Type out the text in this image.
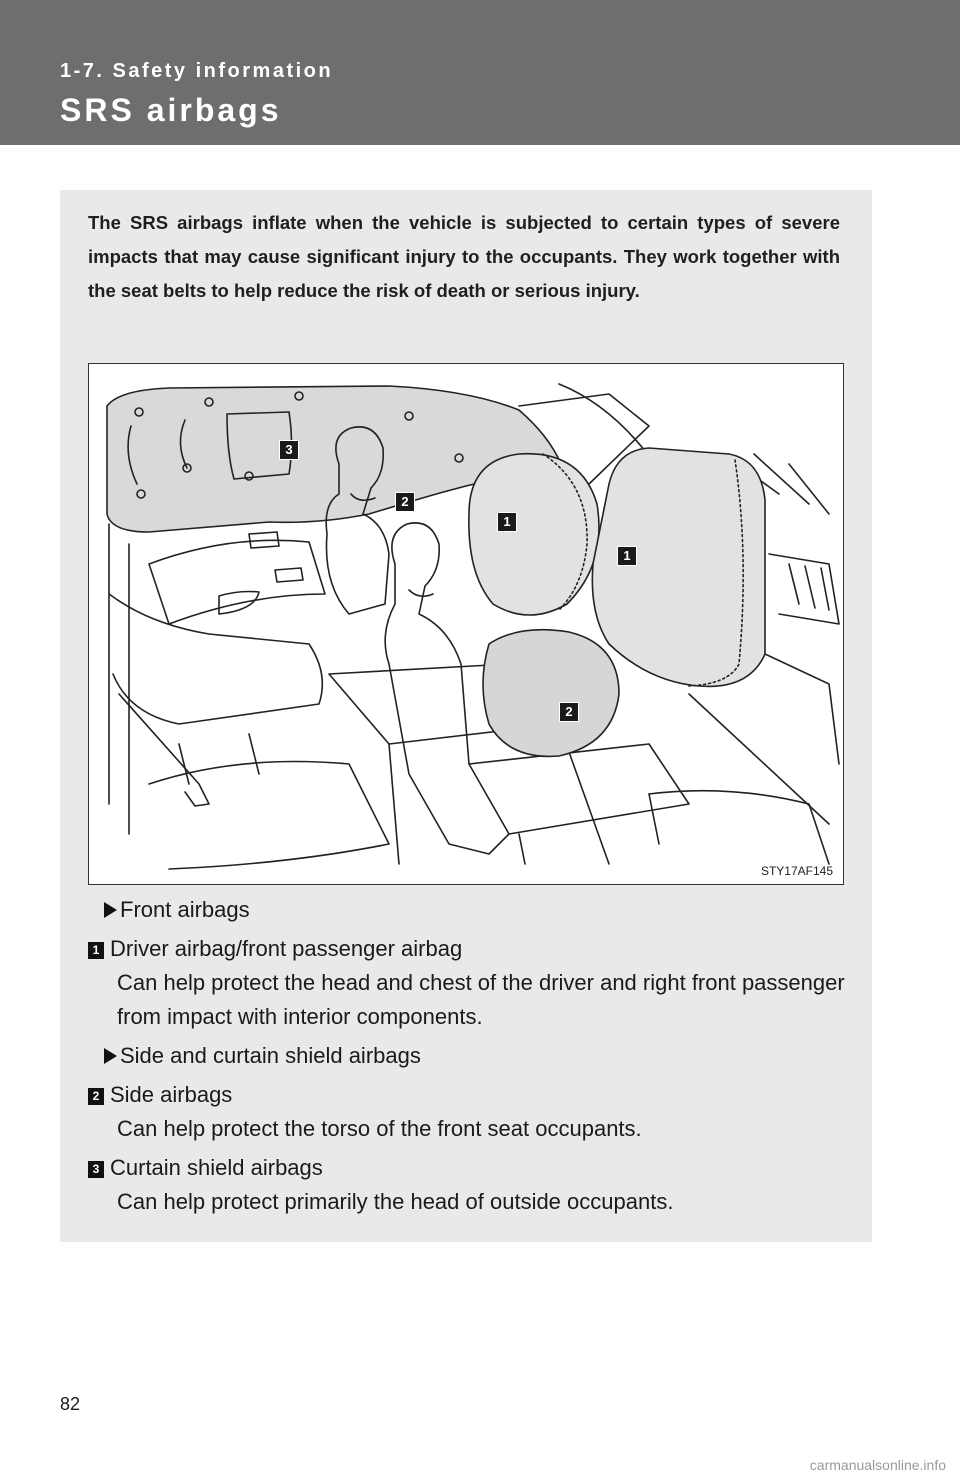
1-7. Safety information
SRS airbags
The SRS airbags inflate when the vehicle is subjected to certain types of severe impacts that may cause significant injury to the occupants. They work together with the seat belts to help reduce the risk of death or serious injury.
3
2
1
1
2
STY17AF145
Front airbags
1 Driver airbag/front passenger airbag
Can help protect the head and chest of the driver and right front passenger from impact with interior components.
Side and curtain shield airbags
2 Side airbags
Can help protect the torso of the front seat occupants.
3 Curtain shield airbags
Can help protect primarily the head of outside occupants.
82
carmanualsonline.info
